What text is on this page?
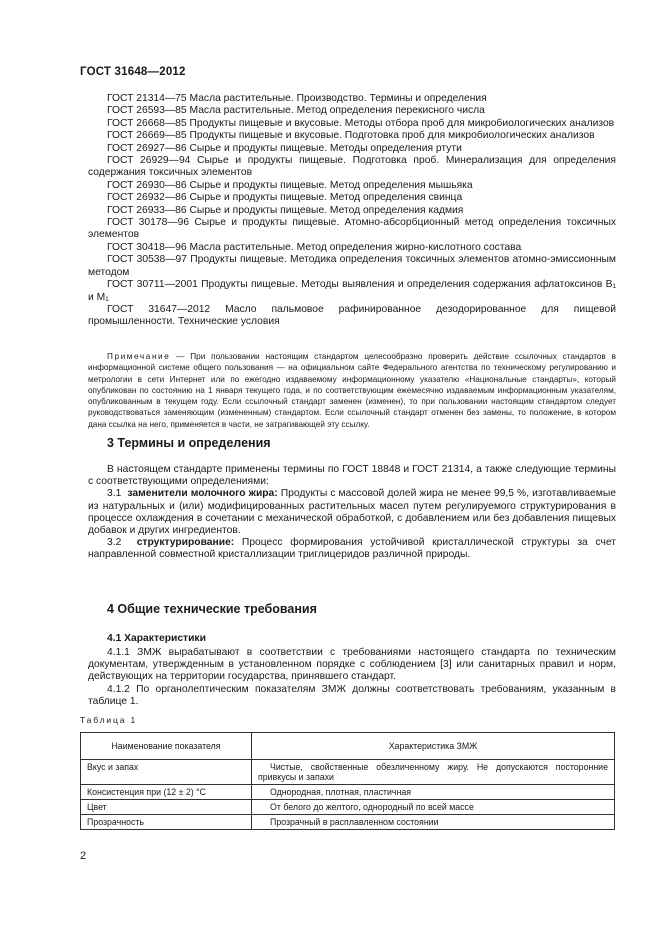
ГОСТ 31648—2012

ГОСТ 21314—75 Масла растительные. Производство. Термины и определения

ГОСТ 26593—85 Масла растительные. Метод определения перекисного числа

ГОСТ 26668—85 Продукты пищевые и вкусовые. Методы отбора проб для микробиологических анализов

ГОСТ 26669—85 Продукты пищевые и вкусовые. Подготовка проб для микробиологических анализов

ГОСТ 26927—86 Сырье и продукты пищевые. Методы определения ртути

ГОСТ 26929—94 Сырье и продукты пищевые. Подготовка проб. Минерализация для определения содержания токсичных элементов

ГОСТ 26930—86 Сырье и продукты пищевые. Метод определения мышьяка

ГОСТ 26932—86 Сырье и продукты пищевые. Метод определения свинца

ГОСТ 26933—86 Сырье и продукты пищевые. Метод определения кадмия

ГОСТ 30178—96 Сырье и продукты пищевые. Атомно-абсорбционный метод определения токсичных элементов

ГОСТ 30418—96 Масла растительные. Метод определения жирно-кислотного состава

ГОСТ 30538—97 Продукты пищевые. Методика определения токсичных элементов атомно-эмиссионным методом

ГОСТ 30711—2001 Продукты пищевые. Методы выявления и определения содержания афлатоксинов B₁ и M₁

ГОСТ 31647—2012 Масло пальмовое рафинированное дезодорированное для пищевой промышленности. Технические условия

Примечание — При пользовании настоящим стандартом целесообразно проверить действие ссылочных стандартов в информационной системе общего пользования — на официальном сайте Федерального агентства по техническому регулированию и метрологии в сети Интернет или по ежегодно издаваемому информационному указателю «Национальные стандарты», который опубликован по состоянию на 1 января текущего года, и по соответствующим ежемесячно издаваемым информационным указателям, опубликованным в текущем году. Если ссылочный стандарт заменен (изменен), то при пользовании настоящим стандартом следует руководствоваться заменяющим (измененным) стандартом. Если ссылочный стандарт отменен без замены, то положение, в котором дана ссылка на него, применяется в части, не затрагивающей эту ссылку.
3 Термины и определения

В настоящем стандарте применены термины по ГОСТ 18848 и ГОСТ 21314, а также следующие термины с соответствующими определениями:

3.1 заменители молочного жира: Продукты с массовой долей жира не менее 99,5 %, изготавливаемые из натуральных и (или) модифицированных растительных масел путем регулируемого структурирования в процессе охлаждения в сочетании с механической обработкой, с добавлением или без добавления пищевых добавок и других ингредиентов.

3.2 структурирование: Процесс формирования устойчивой кристаллической структуры за счет направленной совместной кристаллизации триглицеридов различной природы.

4 Общие технические требования
4.1 Характеристики

4.1.1 ЗМЖ вырабатывают в соответствии с требованиями настоящего стандарта по техническим документам, утвержденным в установленном порядке с соблюдением [3] или санитарных правил и норм, действующих на территории государства, принявшего стандарт.

4.1.2 По органолептическим показателям ЗМЖ должны соответствовать требованиям, указанным в таблице 1.

Таблица 1
Наименование показателя	Характеристика ЗМЖ
Вкус и запах	Чистые, свойственные обезличенному жиру. Не допускаются посторонние привкусы и запахи
Консистенция при (12 ± 2) °С	Однородная, плотная, пластичная
Цвет	От белого до желтого, однородный по всей массе
Прозрачность	Прозрачный в расплавленном состоянии
2
